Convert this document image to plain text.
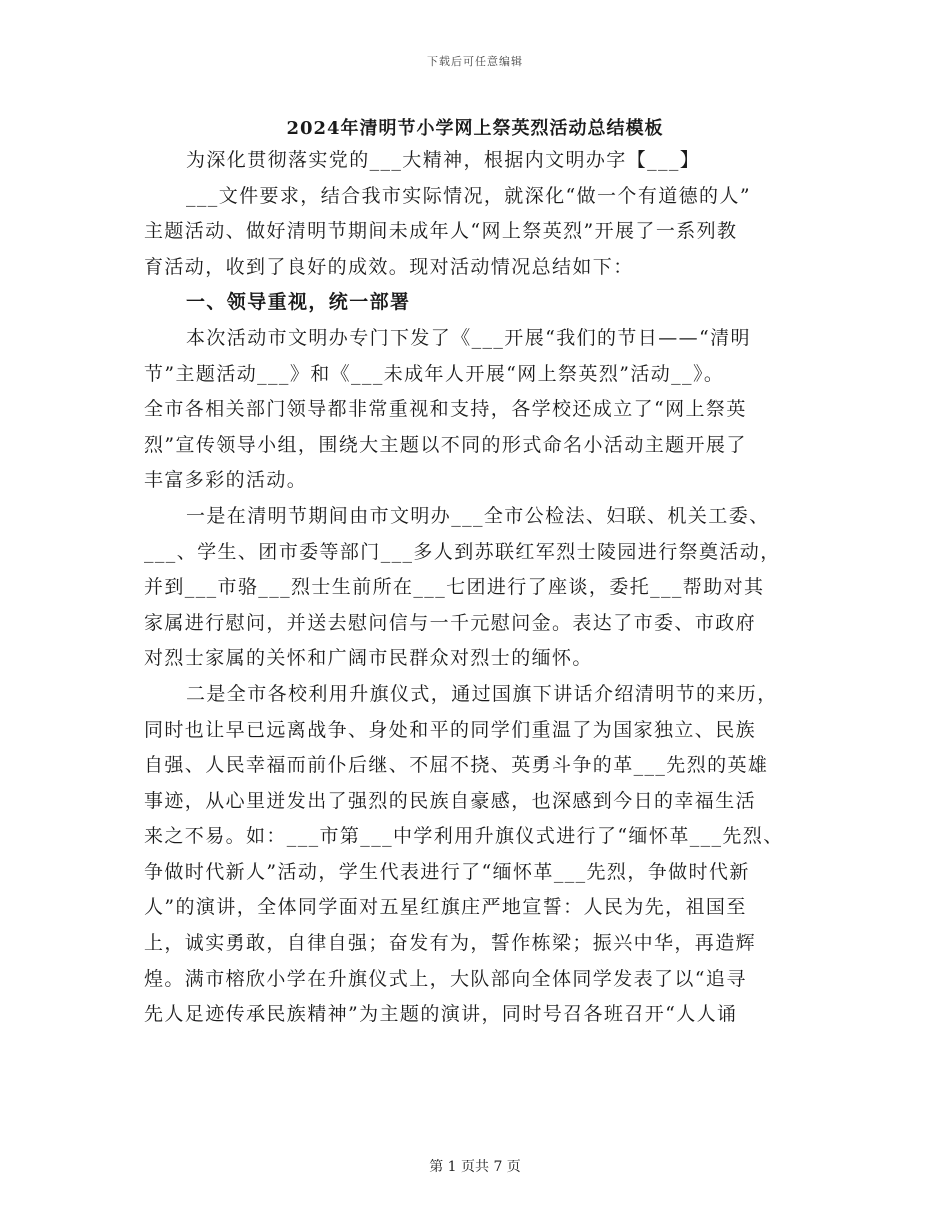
下载后可任意编辑
2024年清明节小学网上祭英烈活动总结模板
为深化贯彻落实党的___大精神，根据内文明办字【___】
___文件要求，结合我市实际情况，就深化“做一个有道德的人”
主题活动、做好清明节期间未成年人“网上祭英烈”开展了一系列教
育活动，收到了良好的成效。现对活动情况总结如下：
一、领导重视，统一部署
本次活动市文明办专门下发了《___开展“我们的节日——“清明
节”主题活动___》和《___未成年人开展“网上祭英烈”活动__》。
全市各相关部门领导都非常重视和支持，各学校还成立了“网上祭英
烈”宣传领导小组，围绕大主题以不同的形式命名小活动主题开展了
丰富多彩的活动。
一是在清明节期间由市文明办___全市公检法、妇联、机关工委、
___、学生、团市委等部门___多人到苏联红军烈士陵园进行祭奠活动，
并到___市骆___烈士生前所在___七团进行了座谈，委托___帮助对其
家属进行慰问，并送去慰问信与一千元慰问金。表达了市委、市政府
对烈士家属的关怀和广阔市民群众对烈士的缅怀。
二是全市各校利用升旗仪式，通过国旗下讲话介绍清明节的来历，
同时也让早已远离战争、身处和平的同学们重温了为国家独立、民族
自强、人民幸福而前仆后继、不屈不挠、英勇斗争的革___先烈的英雄
事迹，从心里迸发出了强烈的民族自豪感，也深感到今日的幸福生活
来之不易。如：___市第___中学利用升旗仪式进行了“缅怀革___先烈、
争做时代新人”活动，学生代表进行了“缅怀革___先烈，争做时代新
人”的演讲，全体同学面对五星红旗庄严地宣誓：人民为先，祖国至
上，诚实勇敢，自律自强；奋发有为，誓作栋梁；振兴中华，再造辉
煌。满市榕欣小学在升旗仪式上，大队部向全体同学发表了以“追寻
先人足迹传承民族精神”为主题的演讲，同时号召各班召开“人人诵
第 1 页共 7 页
